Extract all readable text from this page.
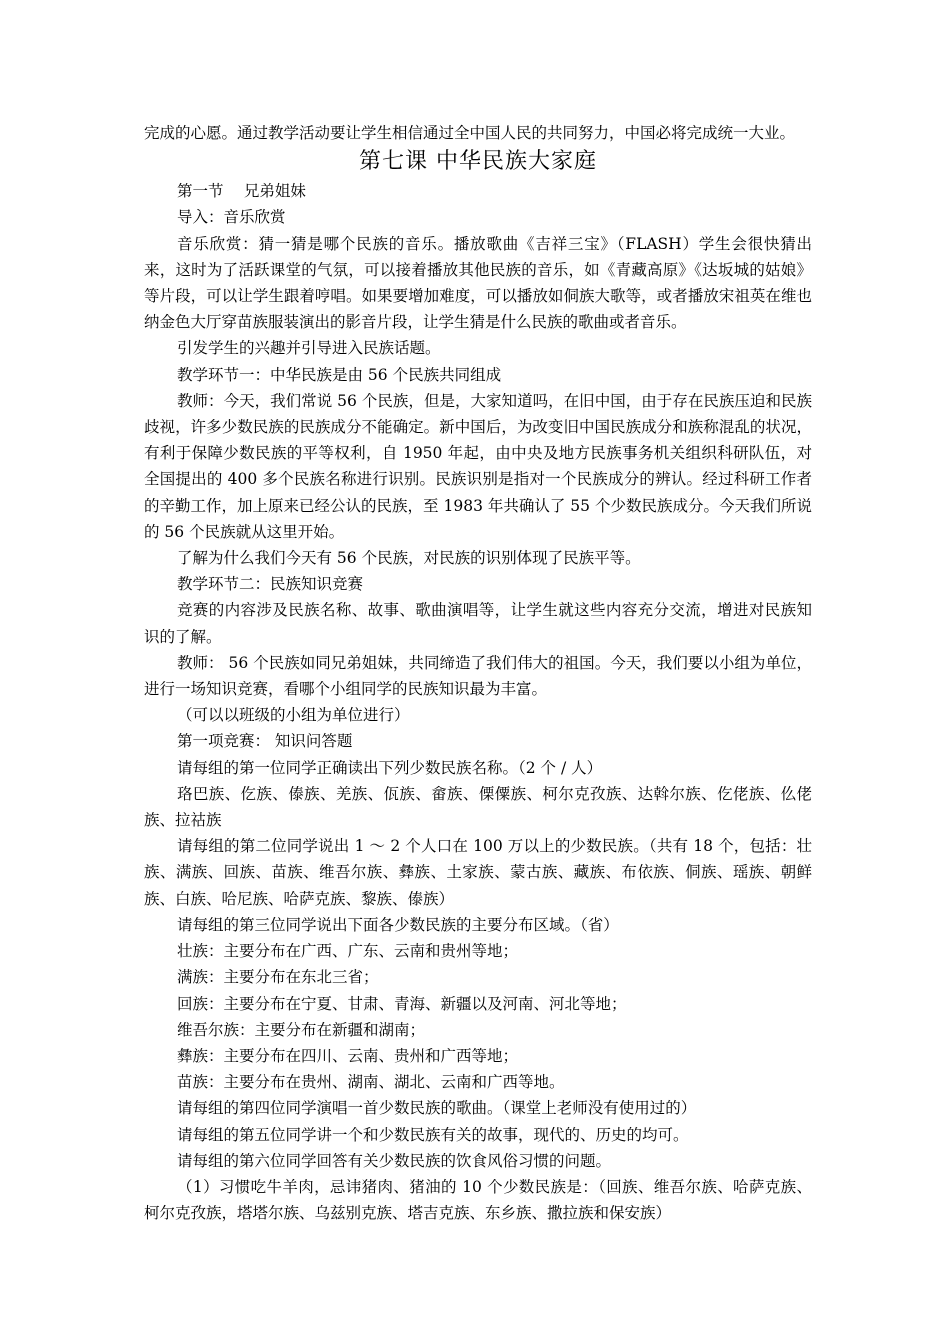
完成的心愿。通过教学活动要让学生相信通过全中国人民的共同努力，中国必将完成统一大业。

第七课 中华民族大家庭

第一节　 兄弟姐妹

导入：音乐欣赏

音乐欣赏：猜一猜是哪个民族的音乐。播放歌曲《吉祥三宝》（FLASH）学生会很快猜出来，这时为了活跃课堂的气氛，可以接着播放其他民族的音乐，如《青藏高原》《达坂城的姑娘》等片段，可以让学生跟着哼唱。如果要增加难度，可以播放如侗族大歌等，或者播放宋祖英在维也纳金色大厅穿苗族服装演出的影音片段，让学生猜是什么民族的歌曲或者音乐。

引发学生的兴趣并引导进入民族话题。

教学环节一：中华民族是由 56 个民族共同组成

教师：今天，我们常说 56 个民族，但是，大家知道吗，在旧中国，由于存在民族压迫和民族歧视，许多少数民族的民族成分不能确定。新中国后，为改变旧中国民族成分和族称混乱的状况，有利于保障少数民族的平等权利，自 1950 年起，由中央及地方民族事务机关组织科研队伍，对全国提出的 400 多个民族名称进行识别。民族识别是指对一个民族成分的辨认。经过科研工作者的辛勤工作，加上原来已经公认的民族，至 1983 年共确认了 55 个少数民族成分。今天我们所说的 56 个民族就从这里开始。

了解为什么我们今天有 56 个民族，对民族的识别体现了民族平等。

教学环节二：民族知识竞赛

竞赛的内容涉及民族名称、故事、歌曲演唱等，让学生就这些内容充分交流，增进对民族知识的了解。

教师： 56 个民族如同兄弟姐妹，共同缔造了我们伟大的祖国。今天，我们要以小组为单位，进行一场知识竞赛，看哪个小组同学的民族知识最为丰富。

（可以以班级的小组为单位进行）

第一项竞赛： 知识问答题

请每组的第一位同学正确读出下列少数民族名称。（2 个 / 人）

珞巴族、仡族、傣族、羌族、佤族、畲族、傈僳族、柯尔克孜族、达斡尔族、仡佬族、仫佬族、拉祜族

请每组的第二位同学说出 1 ～ 2 个人口在 100 万以上的少数民族。（共有 18 个，包括：壮族、满族、回族、苗族、维吾尔族、彝族、土家族、蒙古族、藏族、布依族、侗族、瑶族、朝鲜族、白族、哈尼族、哈萨克族、黎族、傣族）

请每组的第三位同学说出下面各少数民族的主要分布区域。（省）

壮族：主要分布在广西、广东、云南和贵州等地；

满族：主要分布在东北三省；

回族：主要分布在宁夏、甘肃、青海、新疆以及河南、河北等地；

维吾尔族：主要分布在新疆和湖南；

彝族：主要分布在四川、云南、贵州和广西等地；

苗族：主要分布在贵州、湖南、湖北、云南和广西等地。

请每组的第四位同学演唱一首少数民族的歌曲。（课堂上老师没有使用过的）

请每组的第五位同学讲一个和少数民族有关的故事，现代的、历史的均可。

请每组的第六位同学回答有关少数民族的饮食风俗习惯的问题。

（1）习惯吃牛羊肉，忌讳猪肉、猪油的 10 个少数民族是：（回族、维吾尔族、哈萨克族、柯尔克孜族，塔塔尔族、乌兹别克族、塔吉克族、东乡族、撒拉族和保安族）
